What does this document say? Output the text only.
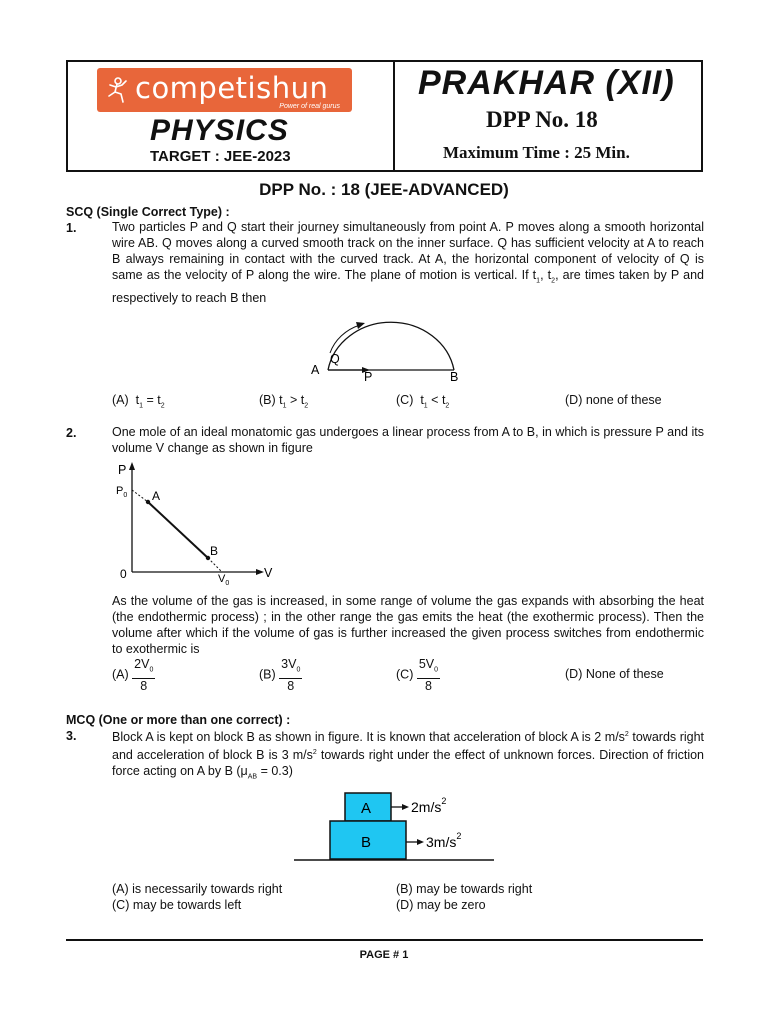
competishun
Power of real gurus
PHYSICS
TARGET : JEE-2023
PRAKHAR (XII)
DPP No. 18
Maximum Time : 25 Min.
DPP No. : 18 (JEE-ADVANCED)
SCQ (Single Correct Type) :
1.	Two particles P and Q start their journey simultaneously from point A. P moves along a smooth horizontal wire AB. Q moves along a curved smooth track on the inner surface. Q has sufficient velocity at A to reach B always remaining in contact with the curved track. At A, the horizontal component of velocity of Q is same as the velocity of P along the wire. The plane of motion is vertical. If $t_1$, $t_2$, are times taken by P and respectively to reach B then
A
Q
P	B
(A) $t_1 = t_2$	(B) $t_1 > t_2$	(C) $t_1 < t_2$	(D) none of these
2.	One mole of an ideal monatomic gas undergoes a linear process from A to B, in which is pressure P and its volume V change as shown in figure
P
$P_0$ A
B
0	$V_0$
V
As the volume of the gas is increased, in some range of volume the gas expands with absorbing the heat (the endothermic process) ; in the other range the gas emits the heat (the exothermic process). Then the volume after which if the volume of gas is further increased the given process switches from endothermic to exothermic is
$(A) \frac{2V_0}{8}$	$(B) \frac{3V_0}{8}$	$(C) \frac{5V_0}{8}$	(D) None of these
MCQ (One or more than one correct) :
3.	Block A is kept on block B as shown in figure. It is known that acceleration of block A is 2 $m/s^2$ towards right and acceleration of block B is 3 $m/s^2$ towards right under the effect of unknown forces. Direction of friction force acting on A by B $(\mu_{AB} = 0.3)$
A
B
$2m/s^2$
$3m/s^2$
(A) is necessarily towards right	(B) may be towards right
(C) may be towards left	(D) may be zero
PAGE # 1
